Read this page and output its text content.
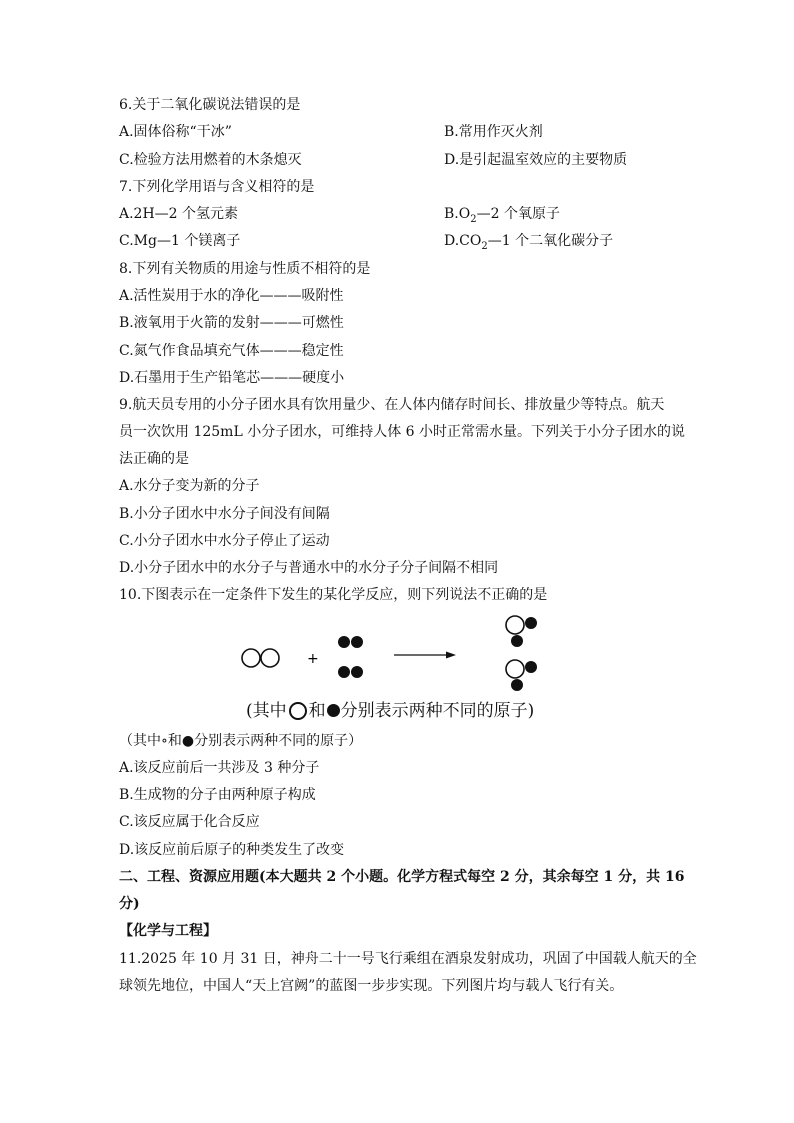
6.关于二氧化碳说法错误的是
A.固体俗称“干冰”	B.常用作灭火剂
C.检验方法用燃着的木条熄灭	D.是引起温室效应的主要物质
7.下列化学用语与含义相符的是
A.2H—2 个氢元素	$B.O_2—2$ 个氧原子
C.Mg—1 个镁离子	$D.CO_2—1$ 个二氧化碳分子
8.下列有关物质的用途与性质不相符的是
A.活性炭用于水的净化———吸附性
B.液氧用于火箭的发射———可燃性
C.氮气作食品填充气体———稳定性
D.石墨用于生产铅笔芯———硬度小
9.航天员专用的小分子团水具有饮用量少、在人体内储存时间长、排放量少等特点。航天
员一次饮用 125mL 小分子团水，可维持人体 6 小时正常需水量。下列关于小分子团水的说
法正确的是
A.水分子变为新的分子
B.小分子团水中水分子间没有间隔
C.小分子团水中水分子停止了运动
D.小分子团水中的水分子与普通水中的水分子分子间隔不相同
10.下图表示在一定条件下发生的某化学反应，则下列说法不正确的是
+
(其中 和 分别表示两种不同的原子)
（其中∘和●分别表示两种不同的原子）
A.该反应前后一共涉及 3 种分子
B.生成物的分子由两种原子构成
C.该反应属于化合反应
D.该反应前后原子的种类发生了改变
二、工程、资源应用题(本大题共 2 个小题。化学方程式每空 2 分，其余每空 1 分，共 16
分)
【化学与工程】
11.2025 年 10 月 31 日，神舟二十一号飞行乘组在酒泉发射成功，巩固了中国载人航天的全
球领先地位，中国人“天上宫阙”的蓝图一步步实现。下列图片均与载人飞行有关。
